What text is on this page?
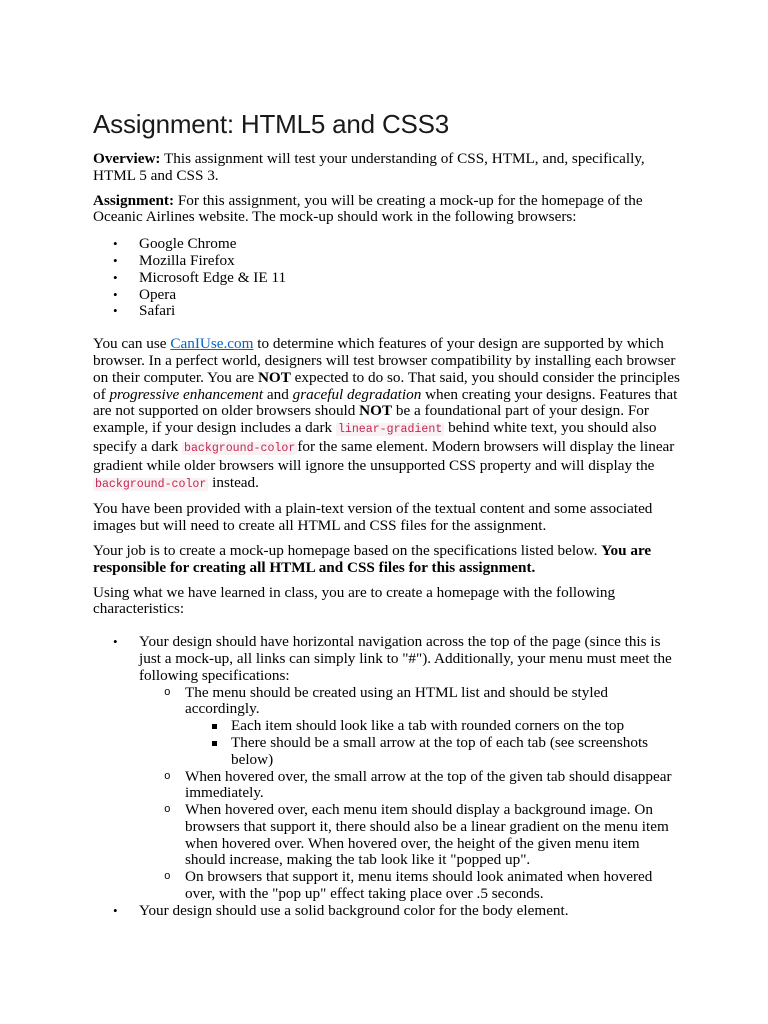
Assignment: HTML5 and CSS3

Overview: This assignment will test your understanding of CSS, HTML, and, specifically, HTML 5 and CSS 3.

Assignment: For this assignment, you will be creating a mock-up for the homepage of the Oceanic Airlines website. The mock-up should work in the following browsers:

• Google Chrome
• Mozilla Firefox
• Microsoft Edge & IE 11
• Opera
• Safari

You can use CanIUse.com to determine which features of your design are supported by which browser. In a perfect world, designers will test browser compatibility by installing each browser on their computer. You are NOT expected to do so. That said, you should consider the principles of progressive enhancement and graceful degradation when creating your designs. Features that are not supported on older browsers should NOT be a foundational part of your design. For example, if your design includes a dark linear-gradient behind white text, you should also specify a dark background-color for the same element. Modern browsers will display the linear gradient while older browsers will ignore the unsupported CSS property and will display the background-color instead.

You have been provided with a plain-text version of the textual content and some associated images but will need to create all HTML and CSS files for the assignment.

Your job is to create a mock-up homepage based on the specifications listed below. You are responsible for creating all HTML and CSS files for this assignment.

Using what we have learned in class, you are to create a homepage with the following characteristics:

• Your design should have horizontal navigation across the top of the page (since this is just a mock-up, all links can simply link to "#"). Additionally, your menu must meet the following specifications:
o The menu should be created using an HTML list and should be styled accordingly.
Each item should look like a tab with rounded corners on the top
There should be a small arrow at the top of each tab (see screenshots below)
o When hovered over, the small arrow at the top of the given tab should disappear immediately.
o When hovered over, each menu item should display a background image. On browsers that support it, there should also be a linear gradient on the menu item when hovered over. When hovered over, the height of the given menu item should increase, making the tab look like it "popped up".
o On browsers that support it, menu items should look animated when hovered over, with the "pop up" effect taking place over .5 seconds.
• Your design should use a solid background color for the body element.
